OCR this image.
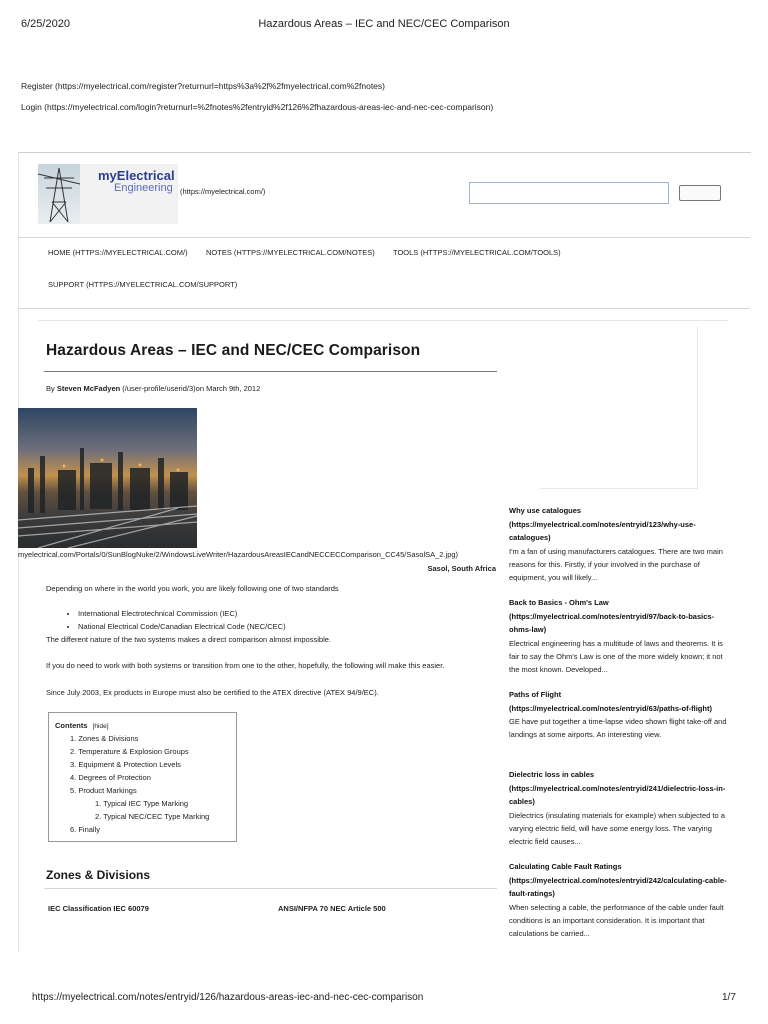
6/25/2020	Hazardous Areas – IEC and NEC/CEC Comparison
Register (https://myelectrical.com/register?returnurl=https%3a%2f%2fmyelectrical.com%2fnotes)
Login (https://myelectrical.com/login?returnurl=%2fnotes%2fentryid%2f126%2fhazardous-areas-iec-and-nec-cec-comparison)
myElectrical
Engineering (https://myelectrical.com/)
HOME (HTTPS://MYELECTRICAL.COM/) NOTES (HTTPS://MYELECTRICAL.COM/NOTES) TOOLS (HTTPS://MYELECTRICAL.COM/TOOLS)
SUPPORT (HTTPS://MYELECTRICAL.COM/SUPPORT)
Hazardous Areas – IEC and NEC/CEC Comparison
By Steven McFadyen (/user-profile/userid/3)on March 9th, 2012
myelectrical.com/Portals/0/SunBlogNuke/2/WindowsLiveWriter/HazardousAreasIECandNECCECComparison_CC45/SasolSA_2.jpg)
Sasol, South Africa
Depending on where in the world you work, you are likely following one of two standards
• International Electrotechnical Commission (IEC)
• National Electrical Code/Canadian Electrical Code (NEC/CEC)
The different nature of the two systems makes a direct comparison almost impossible.
If you do need to work with both systems or transition from one to the other, hopefully, the following will make this easier.
Since July 2003, Ex products in Europe must also be certified to the ATEX directive (ATEX 94/9/EC).
Contents [hide]
1. Zones & Divisions
2. Temperature & Explosion Groups
3. Equipment & Protection Levels
4. Degrees of Protection
5. Product Markings
1. Typical IEC Type Marking
2. Typical NEC/CEC Type Marking
6. Finally
Zones & Divisions
IEC Classification IEC 60079	ANSI/NFPA 70 NEC Article 500

Why use catalogues (https://myelectrical.com/notes/entryid/123/why-use-catalogues)

I'm a fan of using manufacturers catalogues. There are two main reasons for this. Firstly, if your involved in the purchase of equipment, you will likely...

Back to Basics - Ohm's Law (https://myelectrical.com/notes/entryid/97/back-to-basics-ohms-law)

Electrical engineering has a multitude of laws and theorems. It is fair to say the Ohm's Law is one of the more widely known; it not the most known. Developed...

Paths of Flight (https://myelectrical.com/notes/entryid/63/paths-of-flight)

GE have put together a time-lapse video shown flight take-off and landings at some airports. An interesting view.

Dielectric loss in cables (https://myelectrical.com/notes/entryid/241/dielectric-loss-in-cables)

Dielectrics (insulating materials for example) when subjected to a varying electric field, will have some energy loss. The varying electric field causes...

Calculating Cable Fault Ratings (https://myelectrical.com/notes/entryid/242/calculating-cable-fault-ratings)

When selecting a cable, the performance of the cable under fault conditions is an important consideration. It is important that calculations be carried...

https://myelectrical.com/notes/entryid/126/hazardous-areas-iec-and-nec-cec-comparison	1/7
